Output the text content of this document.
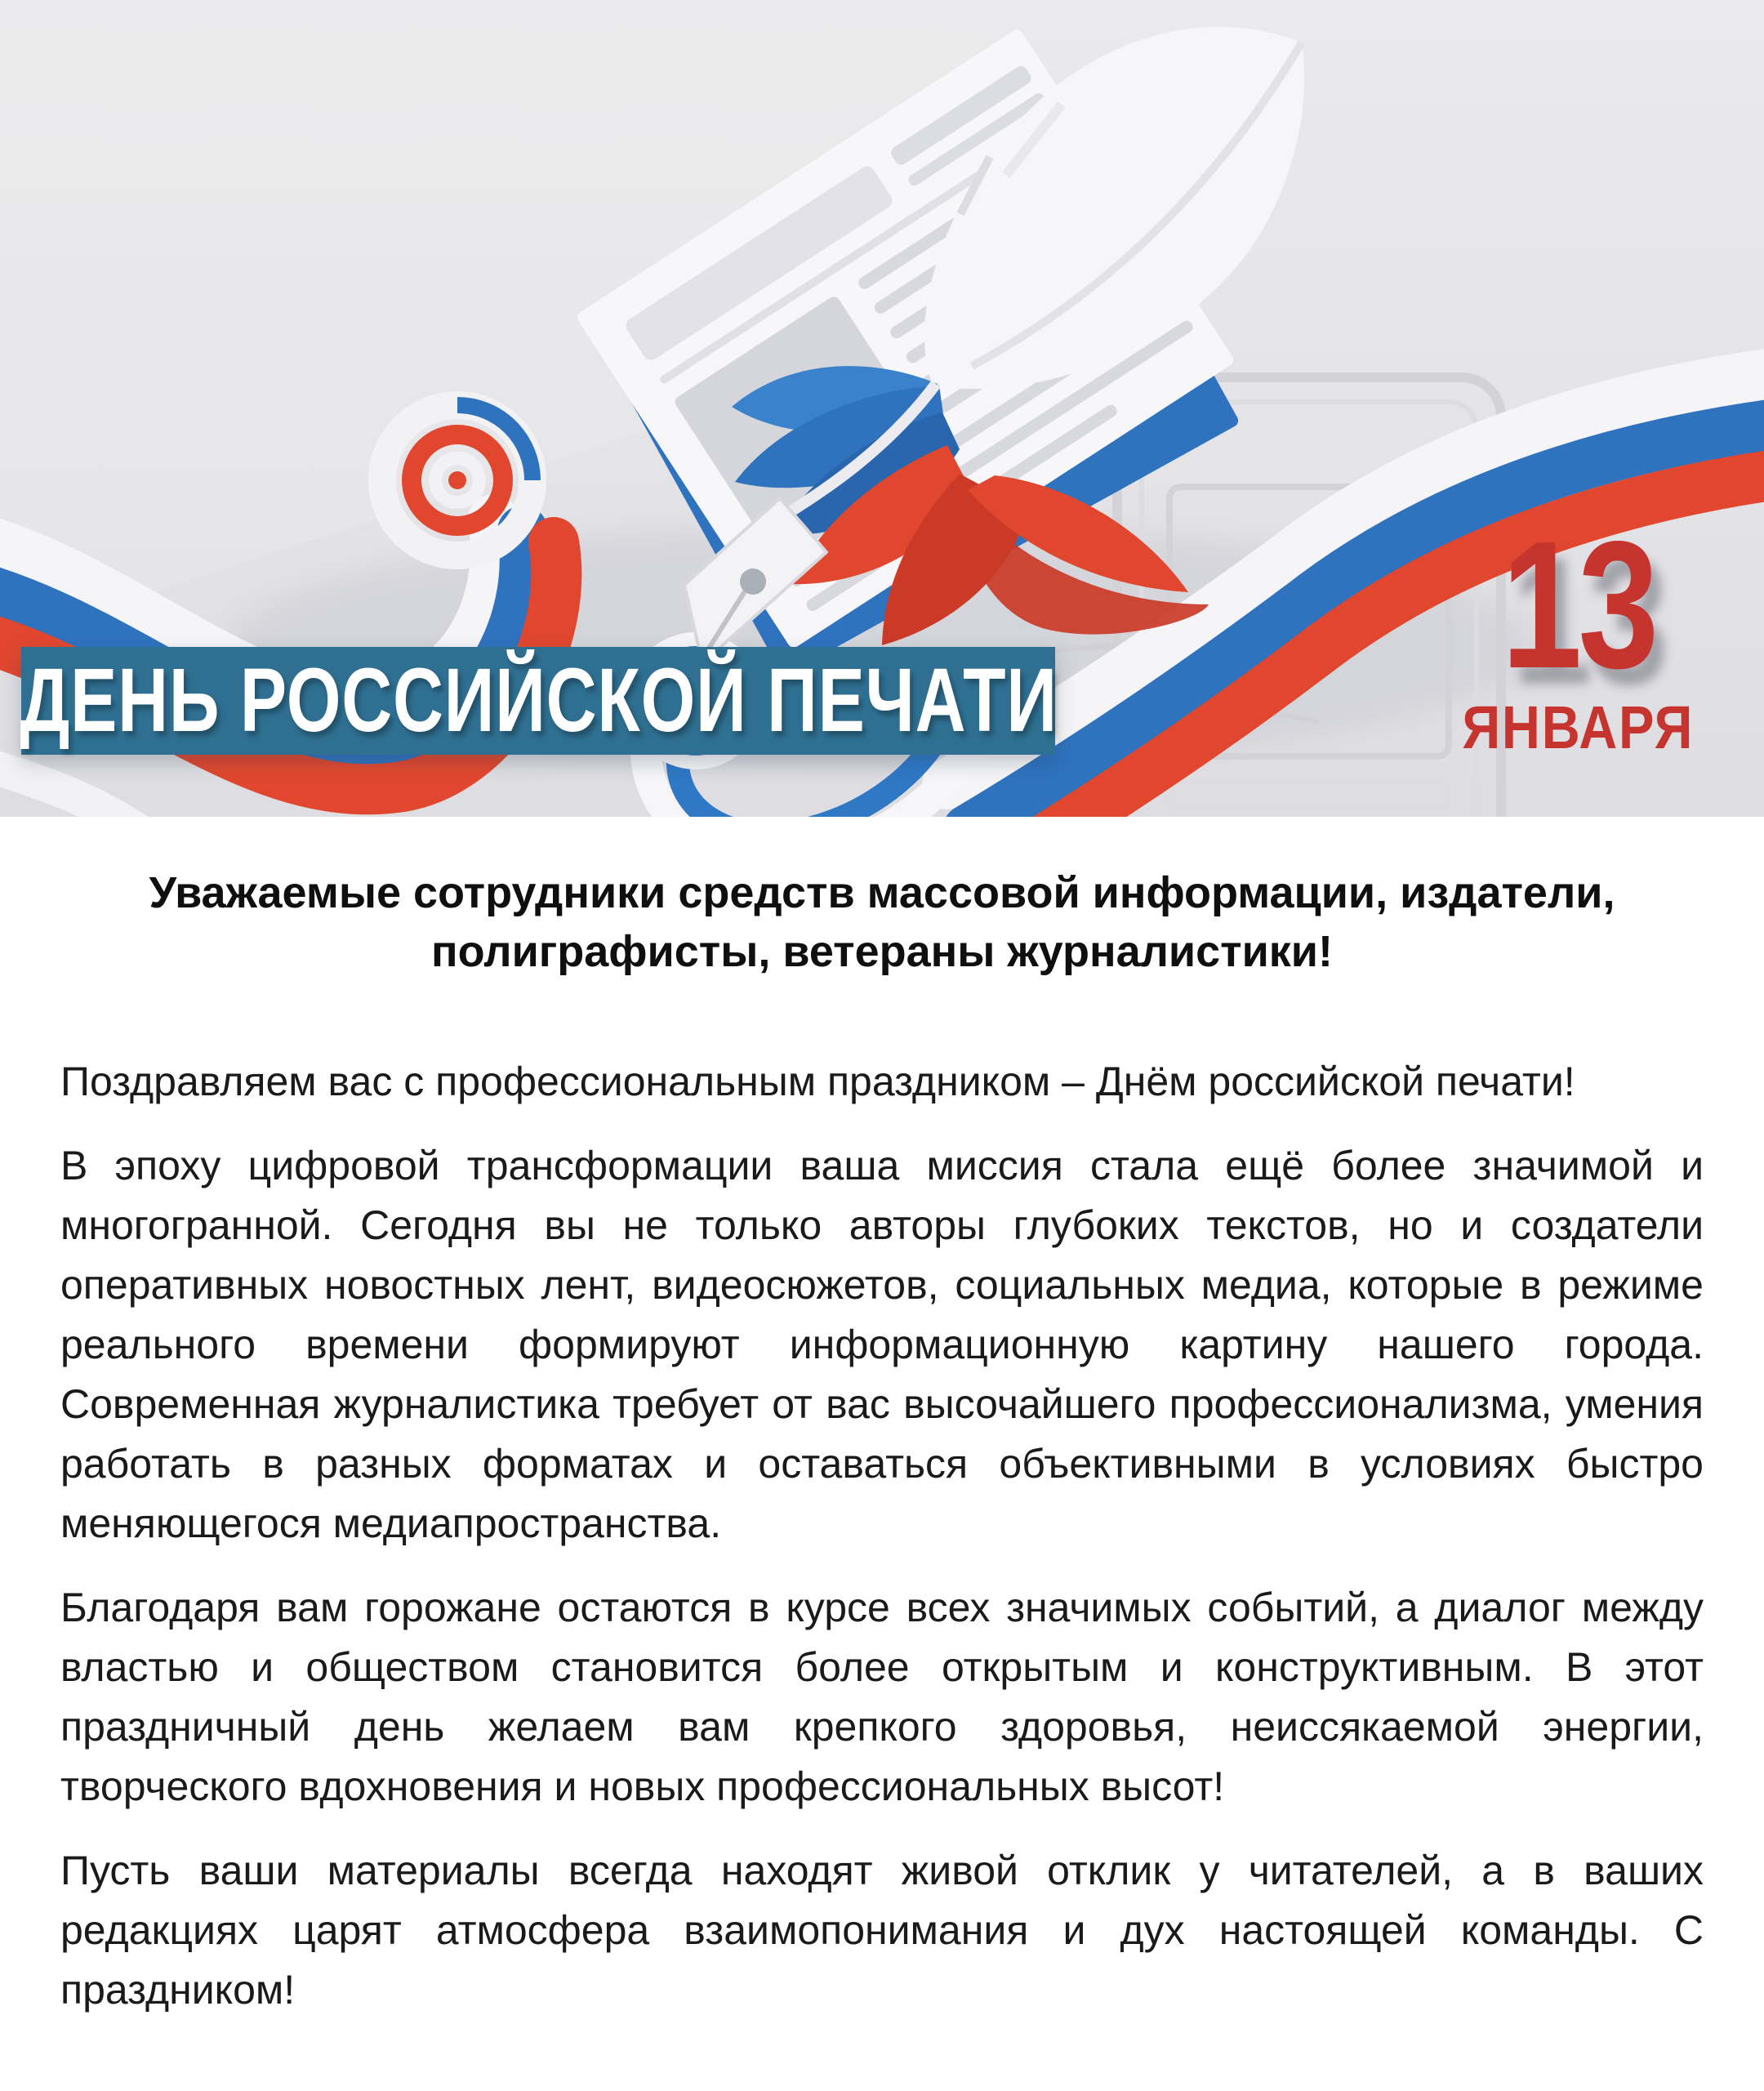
ДЕНЬ РОССИЙСКОЙ ПЕЧАТИ	13
ЯНВАРЯ
Уважаемые сотрудники средств массовой информации, издатели, полиграфисты, ветераны журналистики!

Поздравляем вас с профессиональным праздником – Днём российской печати!

В эпоху цифровой трансформации ваша миссия стала ещё более значимой и многогранной. Сегодня вы не только авторы глубоких текстов, но и создатели оперативных новостных лент, видеосюжетов, социальных медиа, которые в режиме реального времени формируют информационную картину нашего города. Современная журналистика требует от вас высочайшего профессионализма, умения работать в разных форматах и оставаться объективными в условиях быстро меняющегося медиапространства.

Благодаря вам горожане остаются в курсе всех значимых событий, а диалог между властью и обществом становится более открытым и конструктивным. В этот праздничный день желаем вам крепкого здоровья, неиссякаемой энергии, творческого вдохновения и новых профессиональных высот!

Пусть ваши материалы всегда находят живой отклик у читателей, а в ваших редакциях царят атмосфера взаимопонимания и дух настоящей команды. С праздником!
